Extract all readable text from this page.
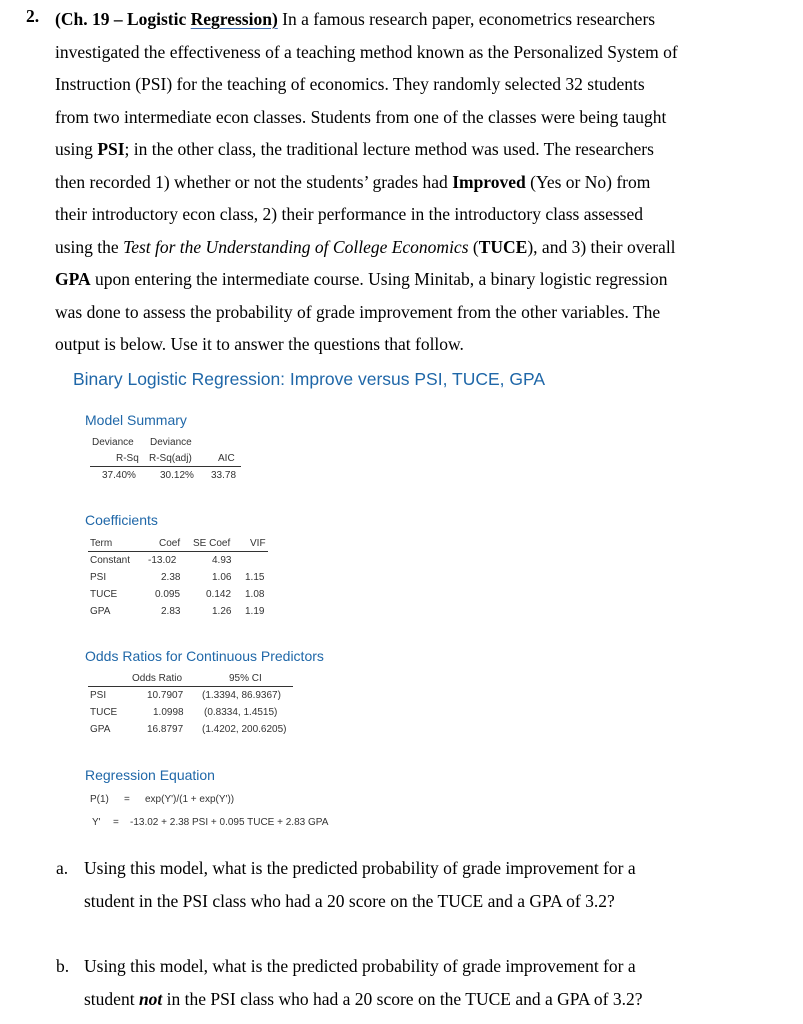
2. (Ch. 19 – Logistic Regression) In a famous research paper, econometrics researchers
investigated the effectiveness of a teaching method known as the Personalized System of
Instruction (PSI) for the teaching of economics. They randomly selected 32 students
from two intermediate econ classes. Students from one of the classes were being taught
using PSI; in the other class, the traditional lecture method was used. The researchers
then recorded 1) whether or not the students’ grades had Improved (Yes or No) from
their introductory econ class, 2) their performance in the introductory class assessed
using the Test for the Understanding of College Economics (TUCE), and 3) their overall
GPA upon entering the intermediate course. Using Minitab, a binary logistic regression
was done to assess the probability of grade improvement from the other variables. The
output is below. Use it to answer the questions that follow.
Binary Logistic Regression: Improve versus PSI, TUCE, GPA
Model Summary
Deviance Deviance
R-Sq R-Sq(adj)	AIC
37.40% 30.12% 33.78
Coefficients
Term	Coef SE Coef VIF
Constant -13.02	4.93
PSI	2.38	1.06 1.15
TUCE	0.095	0.142 1.08
GPA	2.83	1.26 1.19
Odds Ratios for Continuous Predictors
Odds Ratio	95% CI
PSI	10.7907 (1.3394, 86.9367)
TUCE	1.0998 (0.8334, 1.4515)
GPA	16.8797 (1.4202, 200.6205)
Regression Equation
P(1) = exp(Y')/(1 + exp(Y'))
Y' = -13.02 + 2.38 PSI + 0.095 TUCE + 2.83 GPA
a. Using this model, what is the predicted probability of grade improvement for a
student in the PSI class who had a 20 score on the TUCE and a GPA of 3.2?
b. Using this model, what is the predicted probability of grade improvement for a
student not in the PSI class who had a 20 score on the TUCE and a GPA of 3.2?
